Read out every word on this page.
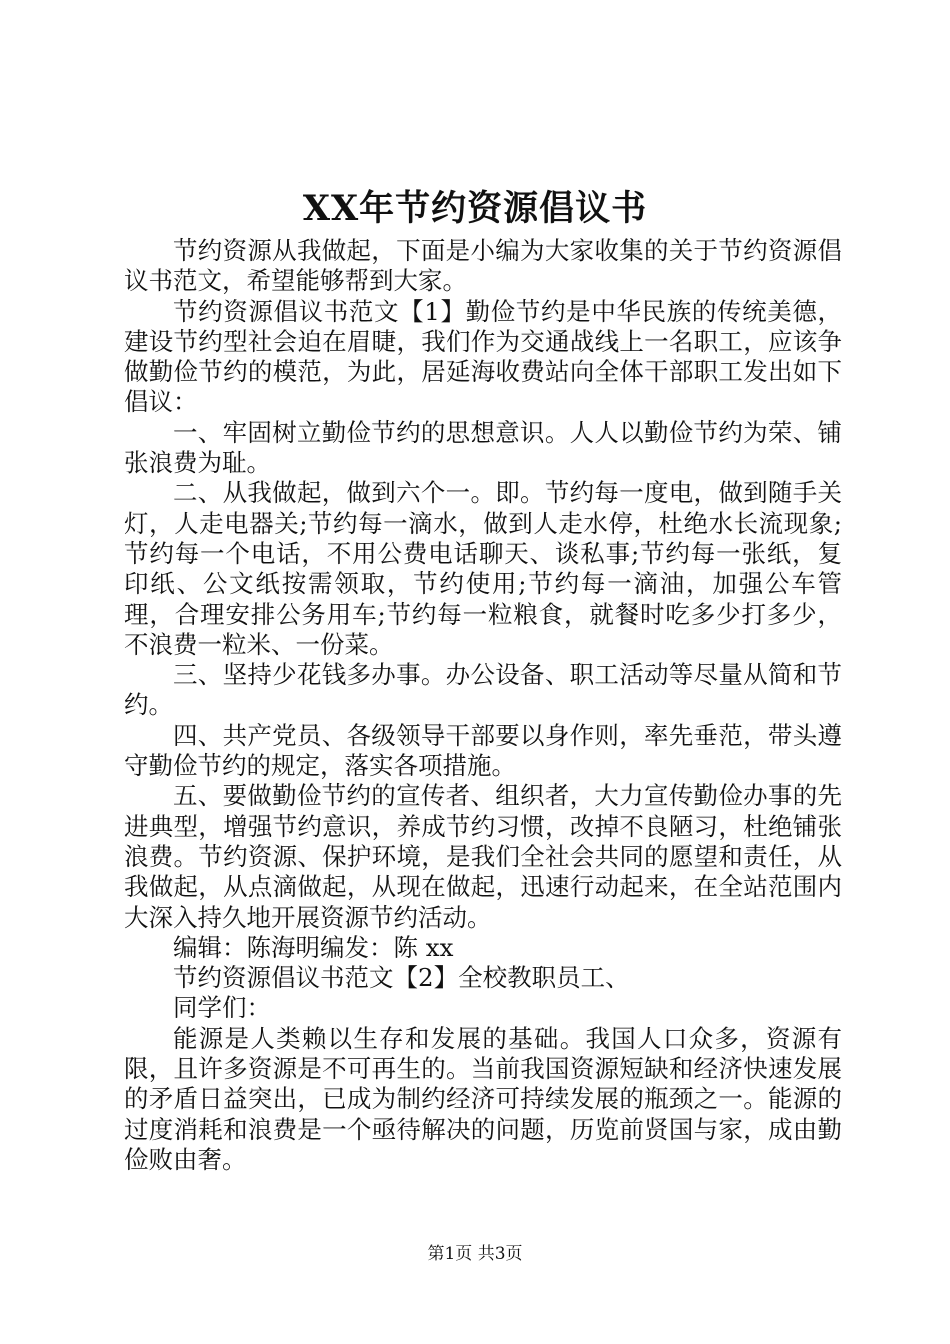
XX年节约资源倡议书

节约资源从我做起，下面是小编为大家收集的关于节约资源倡议书范文，希望能够帮到大家。

节约资源倡议书范文【1】勤俭节约是中华民族的传统美德，建设节约型社会迫在眉睫，我们作为交通战线上一名职工，应该争做勤俭节约的模范，为此，居延海收费站向全体干部职工发出如下倡议：

一、牢固树立勤俭节约的思想意识。人人以勤俭节约为荣、铺张浪费为耻。

二、从我做起，做到六个一。即。节约每一度电，做到随手关灯，人走电器关;节约每一滴水，做到人走水停，杜绝水长流现象;节约每一个电话，不用公费电话聊天、谈私事;节约每一张纸，复印纸、公文纸按需领取，节约使用;节约每一滴油，加强公车管理，合理安排公务用车;节约每一粒粮食，就餐时吃多少打多少，不浪费一粒米、一份菜。

三、坚持少花钱多办事。办公设备、职工活动等尽量从简和节约。

四、共产党员、各级领导干部要以身作则，率先垂范，带头遵守勤俭节约的规定，落实各项措施。

五、要做勤俭节约的宣传者、组织者，大力宣传勤俭办事的先进典型，增强节约意识，养成节约习惯，改掉不良陋习，杜绝铺张浪费。节约资源、保护环境，是我们全社会共同的愿望和责任，从我做起，从点滴做起，从现在做起，迅速行动起来，在全站范围内大深入持久地开展资源节约活动。

编辑：陈海明编发：陈 xx

节约资源倡议书范文【2】全校教职员工、

同学们：

能源是人类赖以生存和发展的基础。我国人口众多，资源有限，且许多资源是不可再生的。当前我国资源短缺和经济快速发展的矛盾日益突出，已成为制约经济可持续发展的瓶颈之一。能源的过度消耗和浪费是一个亟待解决的问题，历览前贤国与家，成由勤俭败由奢。

第1页 共3页
